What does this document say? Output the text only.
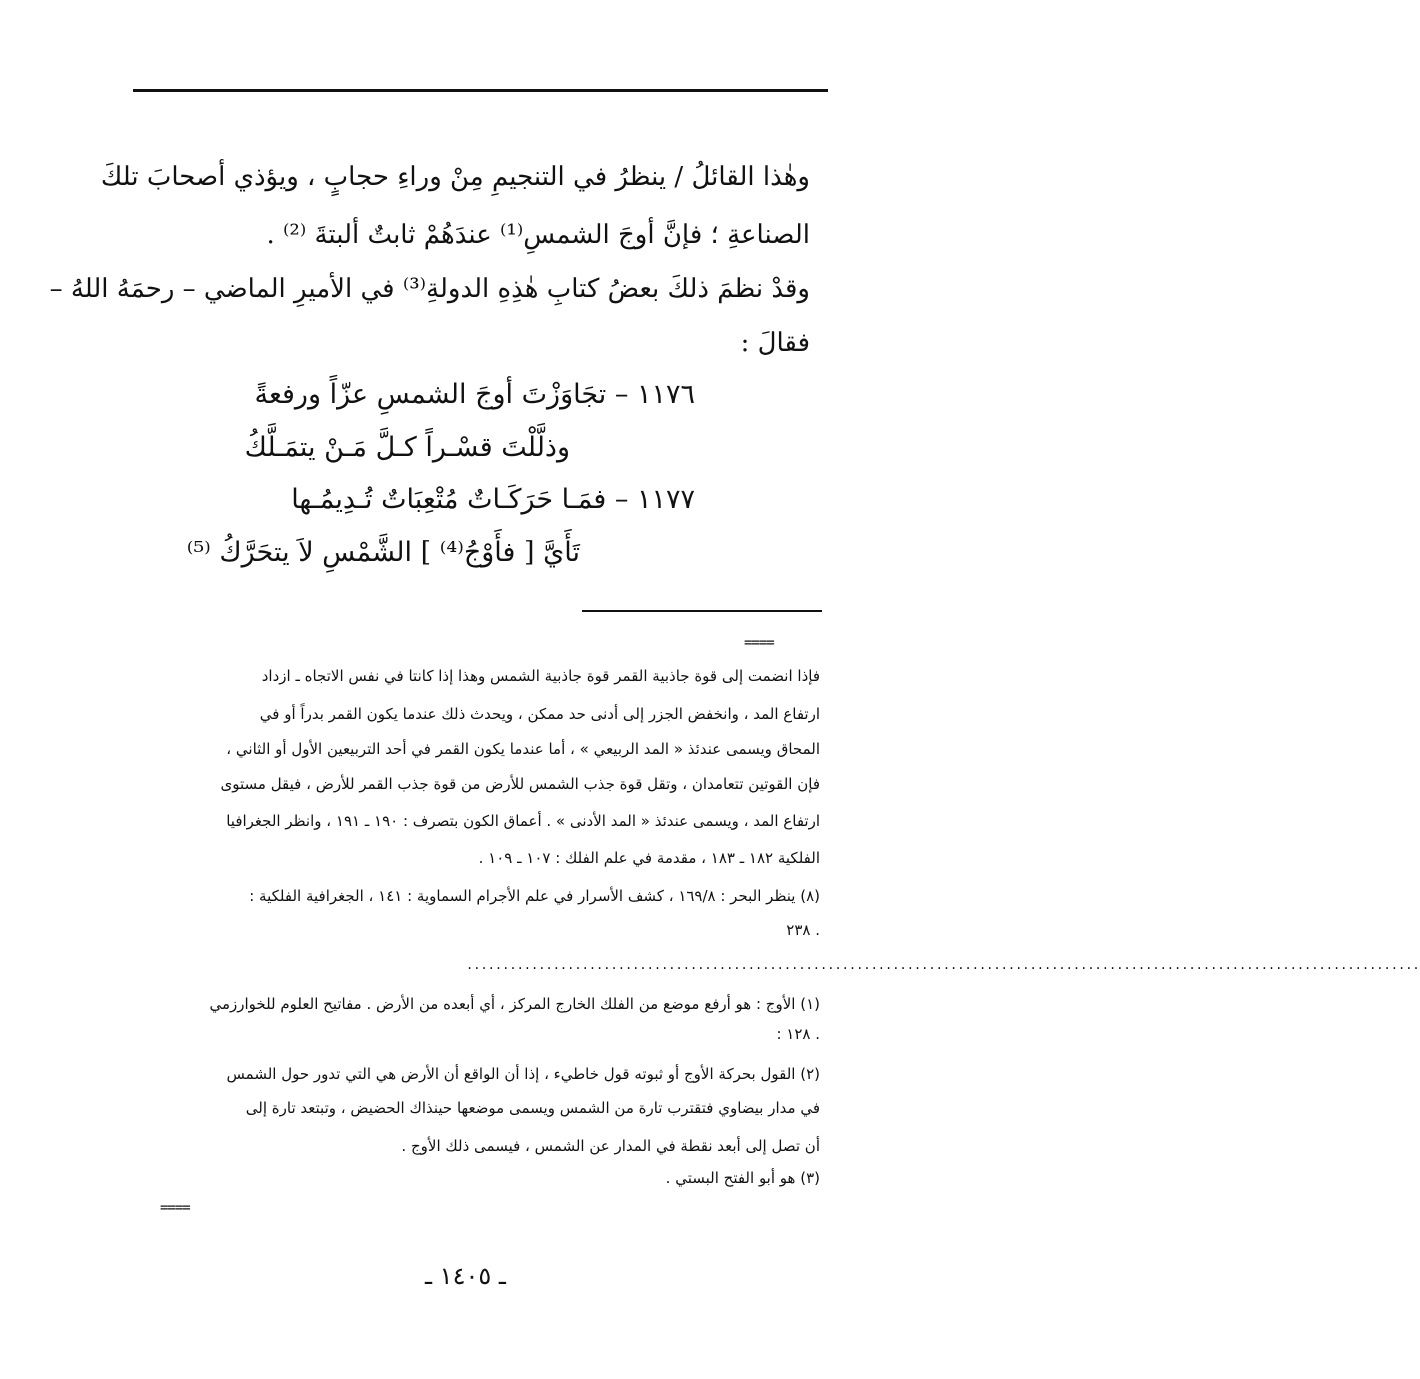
وهٰذا القائلُ / ينظرُ في التنجيمِ مِنْ وراءِ حجابٍ ، ويؤذي أصحابَ تلكَ
الصناعةِ ؛ فإنَّ أوجَ الشمسِ⁽¹⁾ عندَهُمْ ثابتٌ ألبتةَ ⁽²⁾ .
وقدْ نظمَ ذلكَ بعضُ كتابِ هٰذِهِ الدولةِ⁽³⁾ في الأميرِ الماضي – رحمَهُ اللهُ –
فقالَ :
١١٧٦ – تجَاوَزْتَ أوجَ الشمسِ عزّاً ورفعةً
وذلَّلْتَ قسْـراً كـلَّ مَـنْ يتمَـلَّكُ
١١٧٧ – فمَـا حَرَكَـاتٌ مُتْعِبَاتٌ تُـدِيمُـها
تَأَيَّ [ فأَوْجُ⁽⁴⁾ ] الشَّمْسِ لاَ يتحَرَّكُ ⁽⁵⁾
====
فإذا انضمت إلى قوة جاذبية القمر قوة جاذبية الشمس وهذا إذا كانتا في نفس الاتجاه ـ ازداد
ارتفاع المد ، وانخفض الجزر إلى أدنى حد ممكن ، ويحدث ذلك عندما يكون القمر بدراً أو في
المحاق ويسمى عندئذ « المد الربيعي » ، أما عندما يكون القمر في أحد التربيعين الأول أو الثاني ،
فإن القوتين تتعامدان ، وتقل قوة جذب الشمس للأرض من قوة جذب القمر للأرض ، فيقل مستوى
ارتفاع المد ، ويسمى عندئذ « المد الأدنى » . أعماق الكون بتصرف : ١٩٠ ـ ١٩١ ، وانظر الجغرافيا
الفلكية ١٨٢ ـ ١٨٣ ، مقدمة في علم الفلك : ١٠٧ ـ ١٠٩ .
(٨) ينظر البحر : ١٦٩/٨ ، كشف الأسرار في علم الأجرام السماوية : ١٤١ ، الجغرافية الفلكية :
٢٣٨ .
....................................................................................................................................
(١) الأوج : هو أرفع موضع من الفلك الخارج المركز ، أي أبعده من الأرض . مفاتيح العلوم للخوارزمي
: ١٢٨ .
(٢) القول بحركة الأوج أو ثبوته قول خاطيء ، إذا أن الواقع أن الأرض هي التي تدور حول الشمس
في مدار بيضاوي فتقترب تارة من الشمس ويسمى موضعها حينذاك الحضيض ، وتبتعد تارة إلى
أن تصل إلى أبعد نقطة في المدار عن الشمس ، فيسمى ذلك الأوج .
(٣) هو أبو الفتح البستي .
====
ـ ١٤٠٥ ـ
